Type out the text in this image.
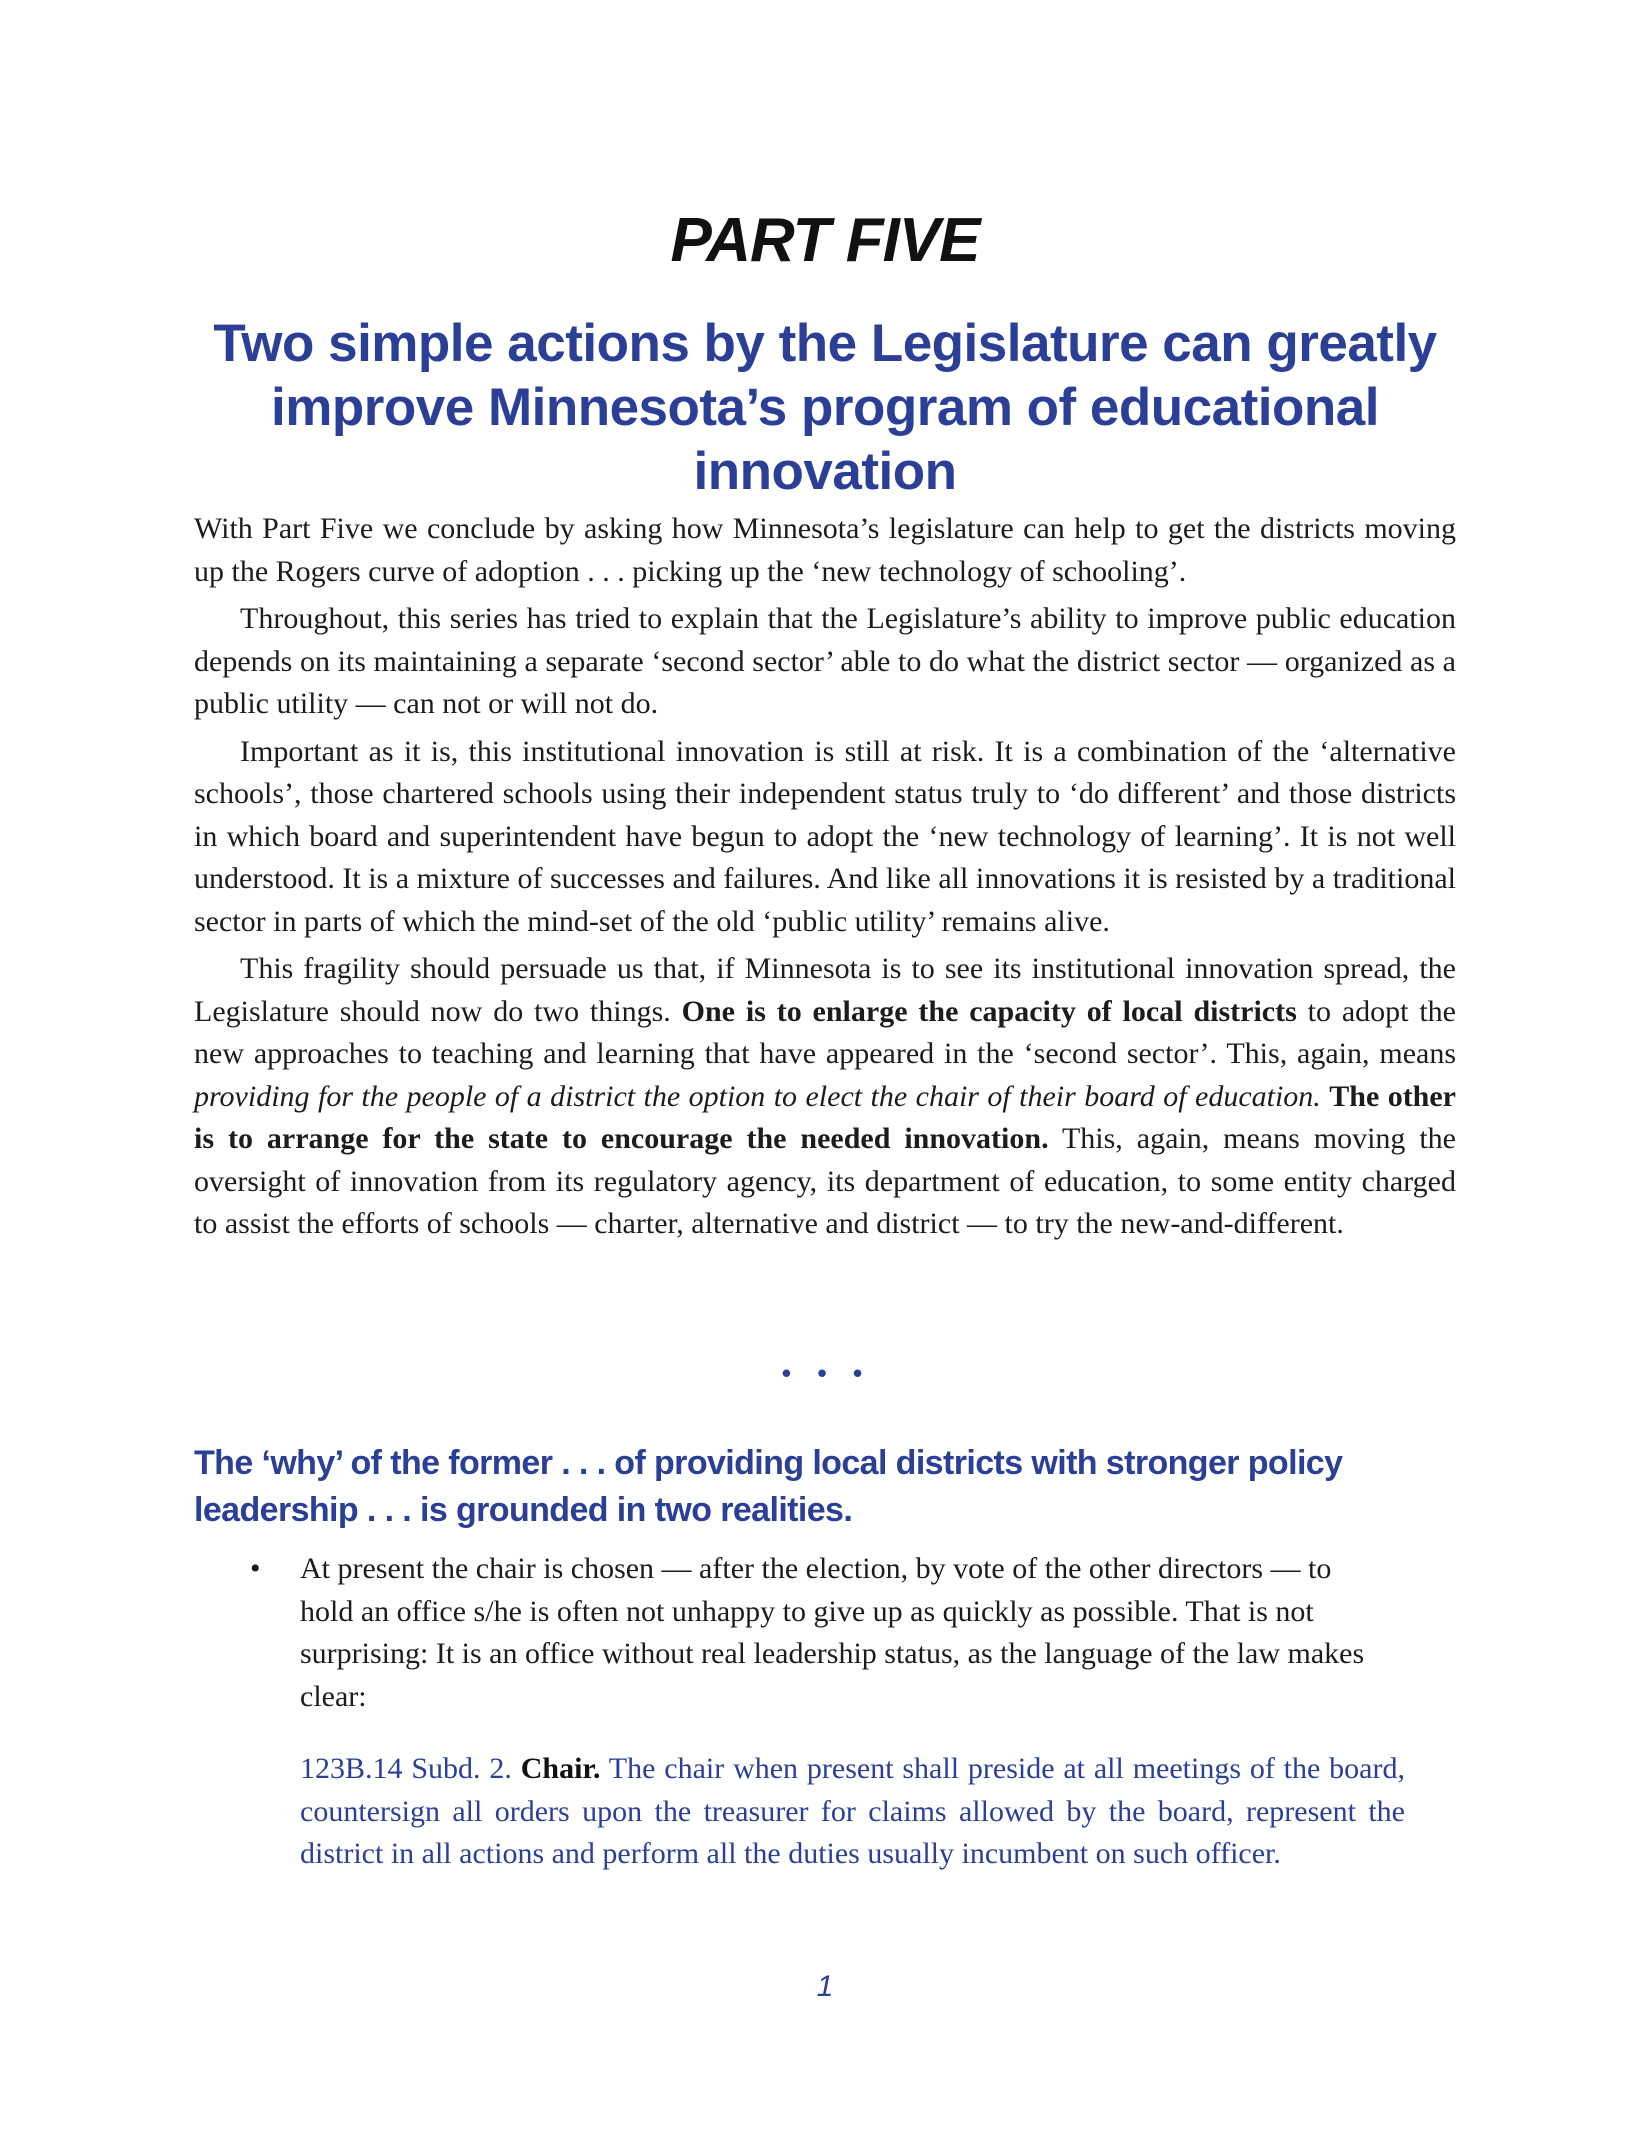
PART FIVE
Two simple actions by the Legislature can greatly
improve Minnesota’s program of educational innovation

With Part Five we conclude by asking how Minnesota’s legislature can help to get the districts moving up the Rogers curve of adoption . . . picking up the ‘new technology of schooling’.

Throughout, this series has tried to explain that the Legislature’s ability to improve public education depends on its maintaining a separate ‘second sector’ able to do what the district sector — organized as a public utility — can not or will not do.

Important as it is, this institutional innovation is still at risk. It is a combination of the ‘alternative schools’, those chartered schools using their independent status truly to ‘do different’ and those districts in which board and superintendent have begun to adopt the ‘new technology of learning’. It is not well understood. It is a mixture of successes and failures. And like all innovations it is resisted by a traditional sector in parts of which the mind-set of the old ‘public utility’ remains alive.

This fragility should persuade us that, if Minnesota is to see its institutional innovation spread, the Legislature should now do two things. One is to enlarge the capacity of local districts to adopt the new approaches to teaching and learning that have appeared in the ‘second sector’. This, again, means providing for the people of a district the option to elect the chair of their board of education. The other is to arrange for the state to encourage the needed innovation. This, again, means moving the oversight of innovation from its regulatory agency, its department of education, to some entity charged to assist the efforts of schools — charter, alternative and district — to try the new-and-different.

• • •
The ‘why’ of the former . . . of providing local districts with stronger policy leadership . . . is grounded in two realities.
•	At present the chair is chosen — after the election, by vote of the other directors — to hold an office s/he is often not unhappy to give up as quickly as possible. That is not surprising: It is an office without real leadership status, as the language of the law makes clear:
123B.14 Subd. 2. Chair. The chair when present shall preside at all meetings of the board, countersign all orders upon the treasurer for claims allowed by the board, represent the district in all actions and perform all the duties usually incumbent on such officer.
1
